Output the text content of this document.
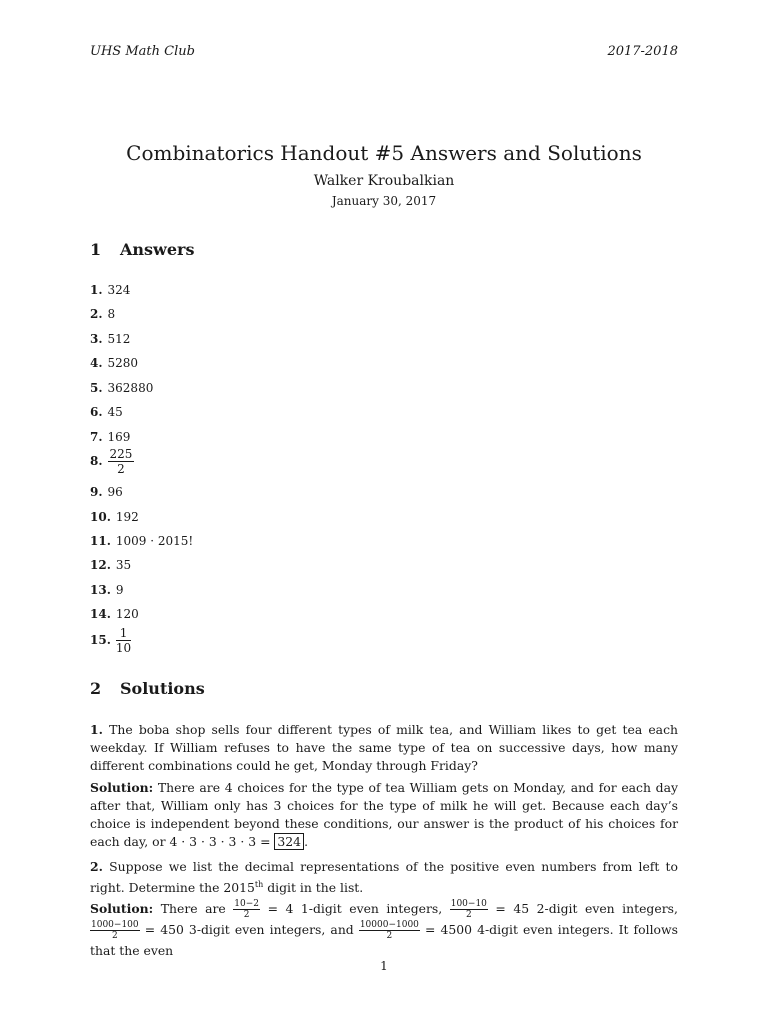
UHS Math Club	2017-2018
Combinatorics Handout #5 Answers and Solutions
Walker Kroubalkian
January 30, 2017
1 Answers
1. 324
2. 8
3. 512
4. 5280
5. 362880
6. 45
7. 169
8. $\frac{225}{2}$
9. 96
10. 192
11. 1009 · 2015!
12. 35
13. 9
14. 120
15. $\frac{1}{10}$
2 Solutions
1. The boba shop sells four different types of milk tea, and William likes to get tea each weekday. If William refuses to have the same type of tea on successive days, how many different combinations could he get, Monday through Friday?
Solution: There are 4 choices for the type of tea William gets on Monday, and for each day after that, William only has 3 choices for the type of milk he will get. Because each day’s choice is independent beyond these conditions, our answer is the product of his choices for each day, or 4 · 3 · 3 · 3 · 3 = 324 .
2. Suppose we list the decimal representations of the positive even numbers from left to right. Determine the 2015th digit in the list.
Solution: There are $\frac{10-2}{2} = 4$ 1-digit even integers, $\frac{100-10}{2} = 45$ 2-digit even integers,
$\frac{1000-100}{2} = 450$ 3-digit even integers, and $\frac{10000-1000}{2} = 4500$ 4-digit even integers. It follows that the even
1
